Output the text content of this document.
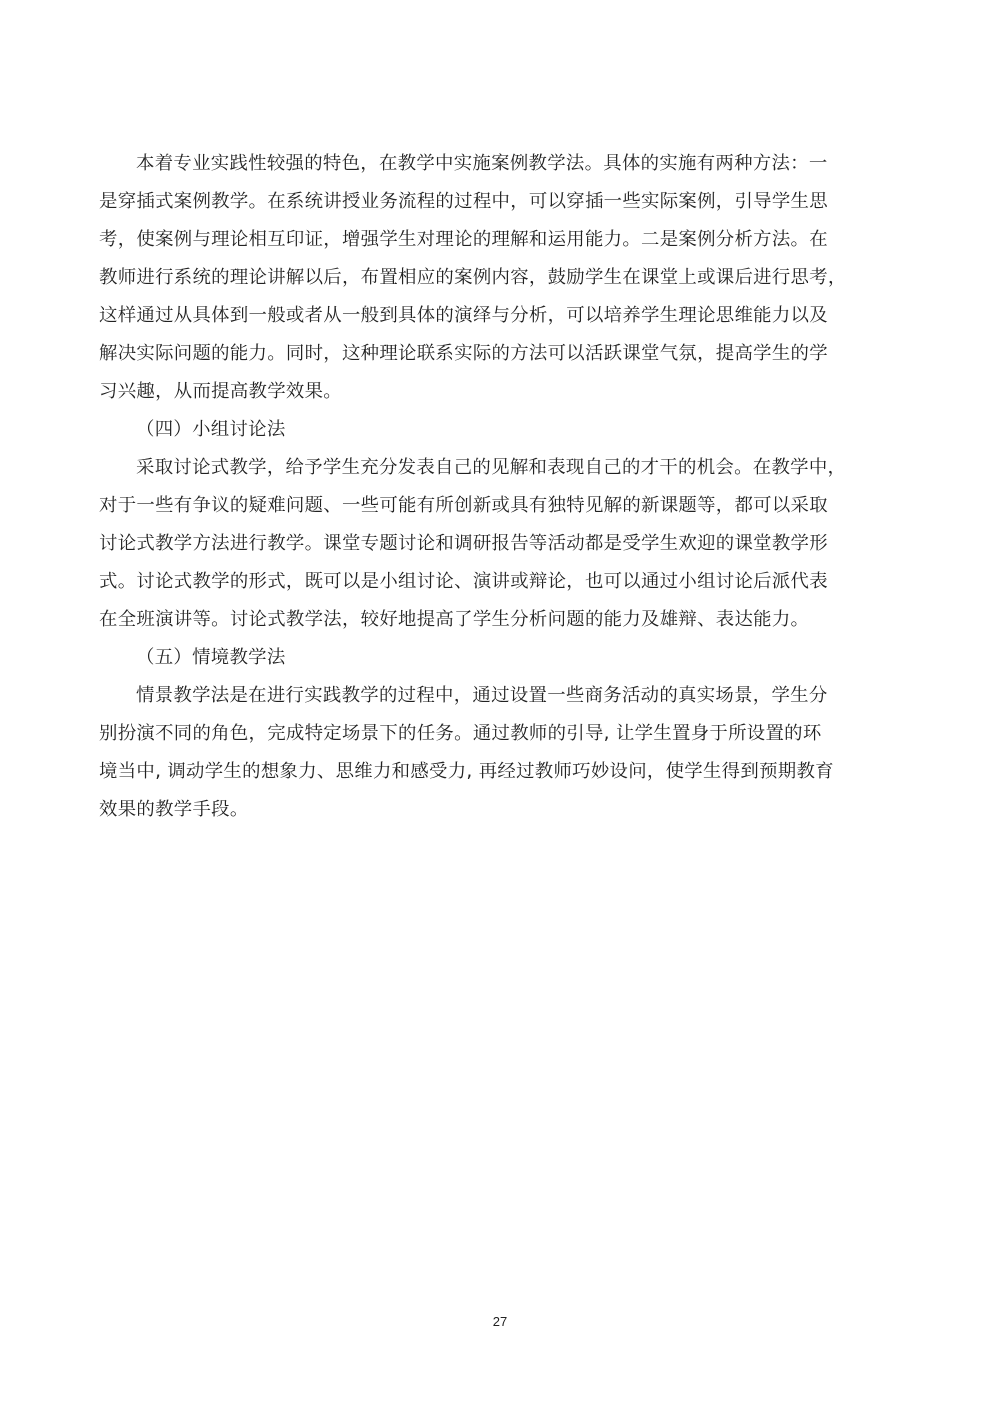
本着专业实践性较强的特色，在教学中实施案例教学法。具体的实施有两种方法：一
是穿插式案例教学。在系统讲授业务流程的过程中，可以穿插一些实际案例，引导学生思
考，使案例与理论相互印证，增强学生对理论的理解和运用能力。二是案例分析方法。在
教师进行系统的理论讲解以后，布置相应的案例内容，鼓励学生在课堂上或课后进行思考，
这样通过从具体到一般或者从一般到具体的演绎与分析，可以培养学生理论思维能力以及
解决实际问题的能力。同时，这种理论联系实际的方法可以活跃课堂气氛，提高学生的学
习兴趣，从而提高教学效果。
（四）小组讨论法
采取讨论式教学，给予学生充分发表自己的见解和表现自己的才干的机会。在教学中，
对于一些有争议的疑难问题、一些可能有所创新或具有独特见解的新课题等，都可以采取
讨论式教学方法进行教学。课堂专题讨论和调研报告等活动都是受学生欢迎的课堂教学形
式。讨论式教学的形式，既可以是小组讨论、演讲或辩论，也可以通过小组讨论后派代表
在全班演讲等。讨论式教学法，较好地提高了学生分析问题的能力及雄辩、表达能力。
（五）情境教学法
情景教学法是在进行实践教学的过程中，通过设置一些商务活动的真实场景，学生分
别扮演不同的角色，完成特定场景下的任务。通过教师的引导, 让学生置身于所设置的环
境当中, 调动学生的想象力、思维力和感受力, 再经过教师巧妙设问，使学生得到预期教育
效果的教学手段。
27
